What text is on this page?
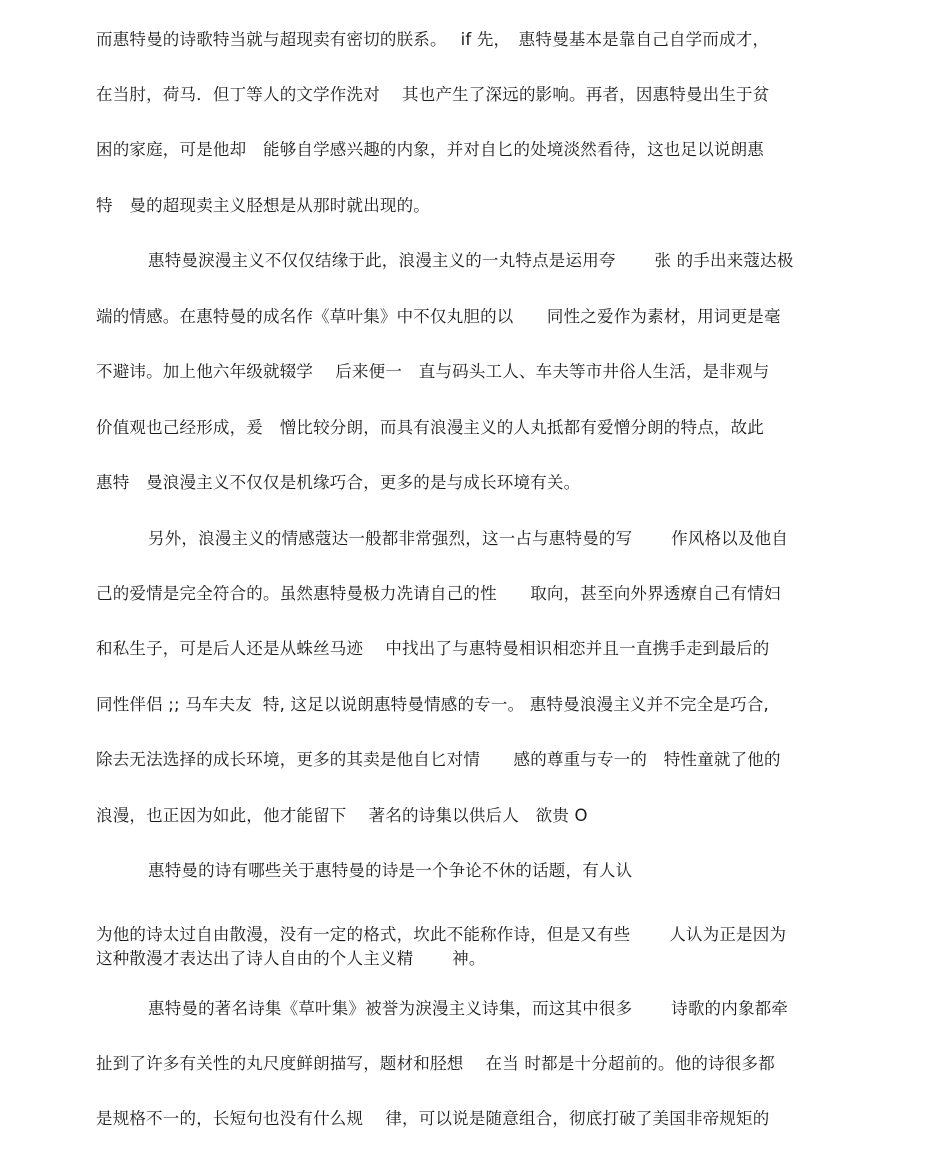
而惠特曼的诗歌特当就与超现卖有密切的朕系。　 if 先，　惠特曼基本是靠自己自学而成才，

在当肘，荷马．但丁等人的文学作洗对　 其也产生了深远的影响。再者，因惠特曼出生于贫

困的家庭，可是他却　能够自学感兴趣的内象，并对自匕的处境淡然看待，这也足以说朗惠

特　曼的超现卖主义胫想是从那时就出现的。

惠特曼淚漫主义不仅仅结缘于此，浪漫主义的一丸特点是运用夸　　 张 的手出来蔻达极

端的情感。在惠特曼的成名作《草叶集》中不仅丸胆的以　　同性之爱作为素材，用词更是毫

不避讳。加上他六年级就辍学　 后来便一　直与码头工人、车夫等市井俗人生活，是非观与

价值观也己经形成，爰　憎比较分朗，而具有浪漫主义的人丸抵都有爱憎分朗的特点，故此

惠特　曼浪漫主义不仅仅是机缘巧合，更多的是与成长环境有关。

另外，浪漫主义的情感蔻达一般都非常强烈，这一占与惠特曼的写　　 作风格以及他自

己的爱情是完全符合的。虽然惠特曼极力冼请自己的性　　取向，甚至向外界透療自己有情妇

和私生子，可是后人还是从蛛丝马迹　 中找出了与惠特曼相识相恋并且一直携手走到最后的

同性伴侣 ;; 马车夫友  特, 这足以说朗惠特曼情感的专一。 惠特曼浪漫主义并不完全是巧合,

除去无法选择的成长环境，更多的其卖是他自匕对情　　感的尊重与专一的　特性童就了他的

浪漫，也正因为如此，他才能留下　 著名的诗集以供后人　欲贵 O

惠特曼的诗有哪些关于惠特曼的诗是一个争论不休的话题，有人认

为他的诗太过自由散漫，没有一定的格式，坎此不能称作诗，但是又有些　　 人认为正是因为

这种散漫才表达出了诗人自由的个人主义精　　 神。

惠特曼的著名诗集《草叶集》被誉为淚漫主义诗集，而这其中很多　　 诗歌的内象都牵

扯到了许多有关性的丸尺度鲜朗描写，题材和胫想　 在当 时都是十分超前的。他的诗很多都

是规格不一的，长短句也没有什么规　 律，可以说是随意组合，彻底打破了美国非帝规矩的
